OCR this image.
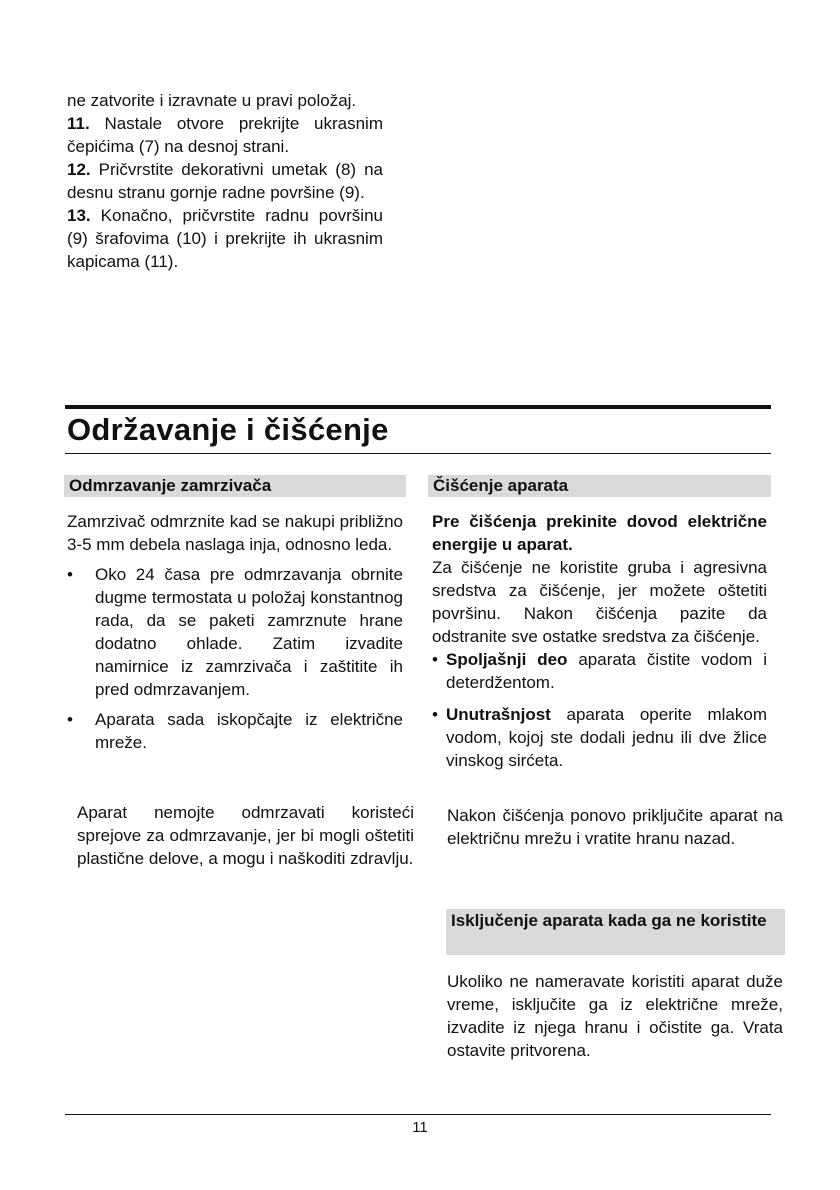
ne zatvorite i izravnate u pravi položaj.

11. Nastale otvore prekrijte ukrasnim čepićima (7) na desnoj strani.

12. Pričvrstite dekorativni umetak (8) na desnu stranu gornje radne površine (9).

13. Konačno, pričvrstite radnu površinu (9) šrafovima (10) i prekrijte ih ukrasnim kapicama (11).

Održavanje i čišćenje
Odmrzavanje zamrzivača	Čišćenje aparata

Zamrzivač odmrznite kad se nakupi približno 3-5 mm debela naslaga inja, odnosno leda.

• Oko 24 časa pre odmrzavanja obrnite dugme termostata u položaj konstantnog rada, da se paketi zamrznute hrane dodatno ohlade. Zatim izvadite namirnice iz zamrzivača i zaštitite ih pred odmrzavanjem.
• Aparata sada iskopčajte iz električne mreže.

Aparat nemojte odmrzavati koristeći sprejove za odmrzavanje, jer bi mogli oštetiti plastične delove, a mogu i naškoditi zdravlju.

Pre čišćenja prekinite dovod električne energije u aparat.

Za čišćenje ne koristite gruba i agresivna sredstva za čišćenje, jer možete oštetiti površinu. Nakon čišćenja pazite da odstranite sve ostatke sredstva za čišćenje.

• Spoljašnji deo aparata čistite vodom i deterdžentom.
• Unutrašnjost aparata operite mlakom vodom, kojoj ste dodali jednu ili dve žlice vinskog sirćeta.

Nakon čišćenja ponovo priključite aparat na električnu mrežu i vratite hranu nazad.

Isključenje aparata kada ga ne koristite

Ukoliko ne nameravate koristiti aparat duže vreme, isključite ga iz električne mreže, izvadite iz njega hranu i očistite ga. Vrata ostavite pritvorena.

11
